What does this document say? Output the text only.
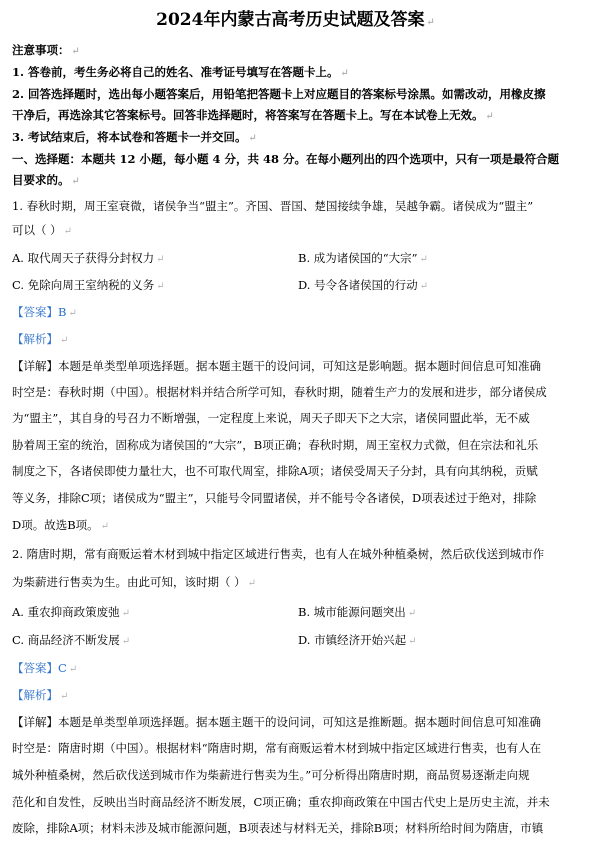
2024年内蒙古高考历史试题及答案 ↵
注意事项： ↵
1. 答卷前，考生务必将自己的姓名、准考证号填写在答题卡上。 ↵
2. 回答选择题时，选出每小题答案后，用铅笔把答题卡上对应题目的答案标号涂黑。如需改动，用橡皮擦
干净后，再选涂其它答案标号。回答非选择题时，将答案写在答题卡上。写在本试卷上无效。 ↵
3. 考试结束后，将本试卷和答题卡一并交回。 ↵
一、选择题：本题共 12 小题，每小题 4 分，共 48 分。在每小题列出的四个选项中，只有一项是最符合题
目要求的。 ↵
1. 春秋时期，周王室衰微，诸侯争当“盟主”。齐国、晋国、楚国接续争雄，吴越争霸。诸侯成为“盟主”
可以（ ） ↵
A. 取代周天子获得分封权力 ↵	B. 成为诸侯国的“大宗” ↵
C. 免除向周王室纳税的义务 ↵	D. 号令各诸侯国的行动 ↵
【答案】B ↵
【解析】 ↵
【详解】本题是单类型单项选择题。据本题主题干的设问词，可知这是影响题。据本题时间信息可知准确
时空是：春秋时期（中国）。根据材料并结合所学可知，春秋时期，随着生产力的发展和进步，部分诸侯成
为“盟主”，其自身的号召力不断增强，一定程度上来说，周天子即天下之大宗，诸侯同盟此举，无不威
胁着周王室的统治，固称成为诸侯国的“大宗”，B项正确；春秋时期，周王室权力式微，但在宗法和礼乐
制度之下，各诸侯即使力量壮大，也不可取代周室，排除A项；诸侯受周天子分封，具有向其纳税，贡赋
等义务，排除C项；诸侯成为“盟主”，只能号令同盟诸侯，并不能号令各诸侯，D项表述过于绝对，排除
D项。故选B项。 ↵
2. 隋唐时期，常有商贩运着木材到城中指定区域进行售卖，也有人在城外种植桑树，然后砍伐送到城市作
为柴薪进行售卖为生。由此可知，该时期（ ） ↵
A. 重农抑商政策废弛 ↵	B. 城市能源问题突出 ↵
C. 商品经济不断发展 ↵	D. 市镇经济开始兴起 ↵
【答案】C ↵
【解析】 ↵
【详解】本题是单类型单项选择题。据本题主题干的设问词，可知这是推断题。据本题时间信息可知准确
时空是：隋唐时期（中国）。根据材料“隋唐时期，常有商贩运着木材到城中指定区域进行售卖，也有人在
城外种植桑树，然后砍伐送到城市作为柴薪进行售卖为生。”可分析得出隋唐时期，商品贸易逐渐走向规
范化和自发性，反映出当时商品经济不断发展，C项正确；重农抑商政策在中国古代史上是历史主流，并未
废除，排除A项；材料未涉及城市能源问题，B项表述与材料无关，排除B项；材料所给时间为隋唐，市镇
